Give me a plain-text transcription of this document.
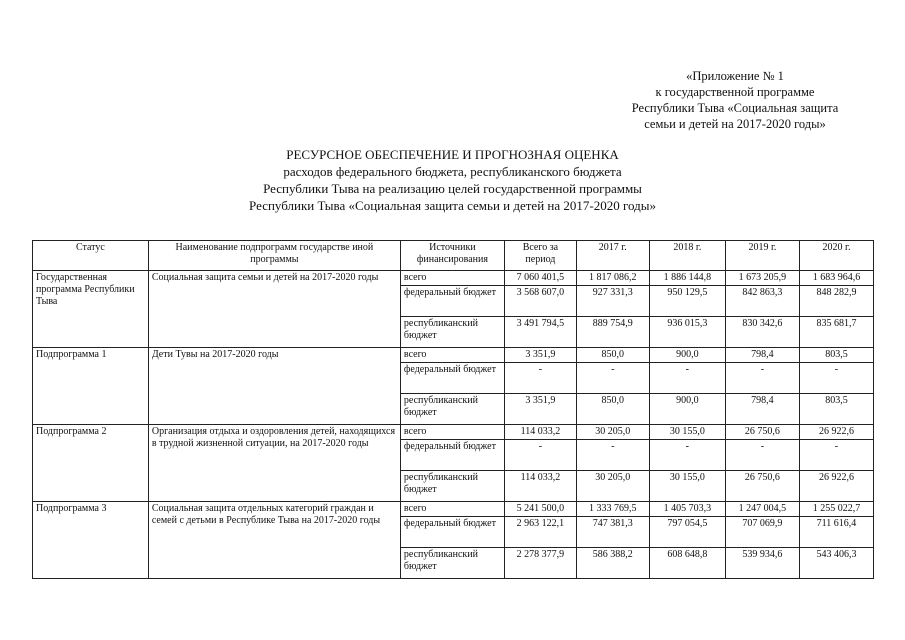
«Приложение № 1
к государственной программе
Республики Тыва «Социальная защита
семьи и детей на 2017-2020 годы»
РЕСУРСНОЕ ОБЕСПЕЧЕНИЕ И ПРОГНОЗНАЯ ОЦЕНКА
расходов федерального бюджета, республиканского бюджета
Республики Тыва на реализацию целей государственной программы
Республики Тыва «Социальная защита семьи и детей на 2017-2020 годы»
Статус	Наименование подпрограмм государстве иной программы	Источники финансирования	Всего за период	2017 г.	2018 г.	2019 г.	2020 г.
Государственная программа Республики Тыва	Социальная защита семьи и детей на 2017-2020 годы	всего	7 060 401,5	1 817 086,2	1 886 144,8	1 673 205,9	1 683 964,6
		федеральный бюджет	3 568 607,0	927 331,3	950 129,5	842 863,3	848 282,9
		республиканский бюджет	3 491 794,5	889 754,9	936 015,3	830 342,6	835 681,7
Подпрограмма 1	Дети Тувы на 2017-2020 годы	всего	3 351,9	850,0	900,0	798,4	803,5
		федеральный бюджет	-	-	-	-	-
		республиканский бюджет	3 351,9	850,0	900,0	798,4	803,5
Подпрограмма 2	Организация отдыха и оздоровления детей, находящихся в трудной жизненной ситуации, на 2017-2020 годы	всего	114 033,2	30 205,0	30 155,0	26 750,6	26 922,6
		федеральный бюджет	-	-	-	-	-
		республиканский бюджет	114 033,2	30 205,0	30 155,0	26 750,6	26 922,6
Подпрограмма 3	Социальная защита отдельных категорий граждан и семей с детьми в Республике Тыва на 2017-2020 годы	всего	5 241 500,0	1 333 769,5	1 405 703,3	1 247 004,5	1 255 022,7
		федеральный бюджет	2 963 122,1	747 381,3	797 054,5	707 069,9	711 616,4
		республиканский бюджет	2 278 377,9	586 388,2	608 648,8	539 934,6	543 406,3
